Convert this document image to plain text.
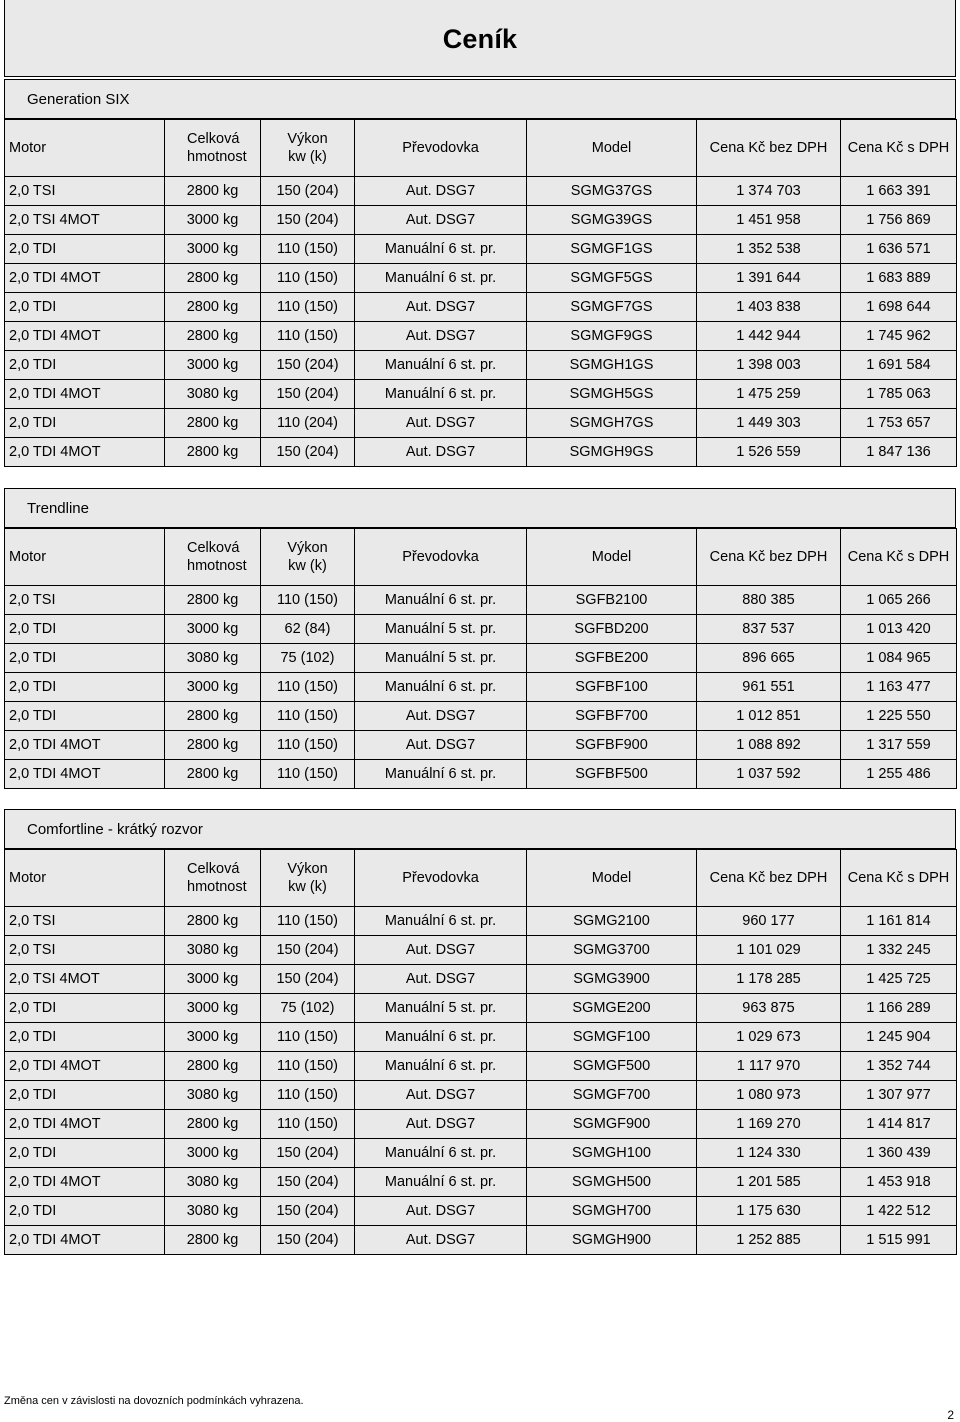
Ceník
Generation SIX
Motor	Celková hmotnost	Výkon kw (k)	Převodovka	Model	Cena Kč bez DPH	Cena Kč s DPH
2,0 TSI	2800 kg	150 (204)	Aut. DSG7	SGMG37GS	1 374 703	1 663 391
2,0 TSI 4MOT	3000 kg	150 (204)	Aut. DSG7	SGMG39GS	1 451 958	1 756 869
2,0 TDI	3000 kg	110 (150)	Manuální 6 st. pr.	SGMGF1GS	1 352 538	1 636 571
2,0 TDI 4MOT	2800 kg	110 (150)	Manuální 6 st. pr.	SGMGF5GS	1 391 644	1 683 889
2,0 TDI	2800 kg	110 (150)	Aut. DSG7	SGMGF7GS	1 403 838	1 698 644
2,0 TDI 4MOT	2800 kg	110 (150)	Aut. DSG7	SGMGF9GS	1 442 944	1 745 962
2,0 TDI	3000 kg	150 (204)	Manuální 6 st. pr.	SGMGH1GS	1 398 003	1 691 584
2,0 TDI 4MOT	3080 kg	150 (204)	Manuální 6 st. pr.	SGMGH5GS	1 475 259	1 785 063
2,0 TDI	2800 kg	110 (204)	Aut. DSG7	SGMGH7GS	1 449 303	1 753 657
2,0 TDI 4MOT	2800 kg	150 (204)	Aut. DSG7	SGMGH9GS	1 526 559	1 847 136
Trendline
Motor	Celková hmotnost	Výkon kw (k)	Převodovka	Model	Cena Kč bez DPH	Cena Kč s DPH
2,0 TSI	2800 kg	110 (150)	Manuální 6 st. pr.	SGFB2100	880 385	1 065 266
2,0 TDI	3000 kg	62 (84)	Manuální 5 st. pr.	SGFBD200	837 537	1 013 420
2,0 TDI	3080 kg	75 (102)	Manuální 5 st. pr.	SGFBE200	896 665	1 084 965
2,0 TDI	3000 kg	110 (150)	Manuální 6 st. pr.	SGFBF100	961 551	1 163 477
2,0 TDI	2800 kg	110 (150)	Aut. DSG7	SGFBF700	1 012 851	1 225 550
2,0 TDI 4MOT	2800 kg	110 (150)	Aut. DSG7	SGFBF900	1 088 892	1 317 559
2,0 TDI 4MOT	2800 kg	110 (150)	Manuální 6 st. pr.	SGFBF500	1 037 592	1 255 486
Comfortline - krátký rozvor
Motor	Celková hmotnost	Výkon kw (k)	Převodovka	Model	Cena Kč bez DPH	Cena Kč s DPH
2,0 TSI	2800 kg	110 (150)	Manuální 6 st. pr.	SGMG2100	960 177	1 161 814
2,0 TSI	3080 kg	150 (204)	Aut. DSG7	SGMG3700	1 101 029	1 332 245
2,0 TSI 4MOT	3000 kg	150 (204)	Aut. DSG7	SGMG3900	1 178 285	1 425 725
2,0 TDI	3000 kg	75 (102)	Manuální 5 st. pr.	SGMGE200	963 875	1 166 289
2,0 TDI	3000 kg	110 (150)	Manuální 6 st. pr.	SGMGF100	1 029 673	1 245 904
2,0 TDI 4MOT	2800 kg	110 (150)	Manuální 6 st. pr.	SGMGF500	1 117 970	1 352 744
2,0 TDI	3080 kg	110 (150)	Aut. DSG7	SGMGF700	1 080 973	1 307 977
2,0 TDI 4MOT	2800 kg	110 (150)	Aut. DSG7	SGMGF900	1 169 270	1 414 817
2,0 TDI	3000 kg	150 (204)	Manuální 6 st. pr.	SGMGH100	1 124 330	1 360 439
2,0 TDI 4MOT	3080 kg	150 (204)	Manuální 6 st. pr.	SGMGH500	1 201 585	1 453 918
2,0 TDI	3080 kg	150 (204)	Aut. DSG7	SGMGH700	1 175 630	1 422 512
2,0 TDI 4MOT	2800 kg	150 (204)	Aut. DSG7	SGMGH900	1 252 885	1 515 991
Změna cen v závislosti na dovozních podmínkách vyhrazena.
2
